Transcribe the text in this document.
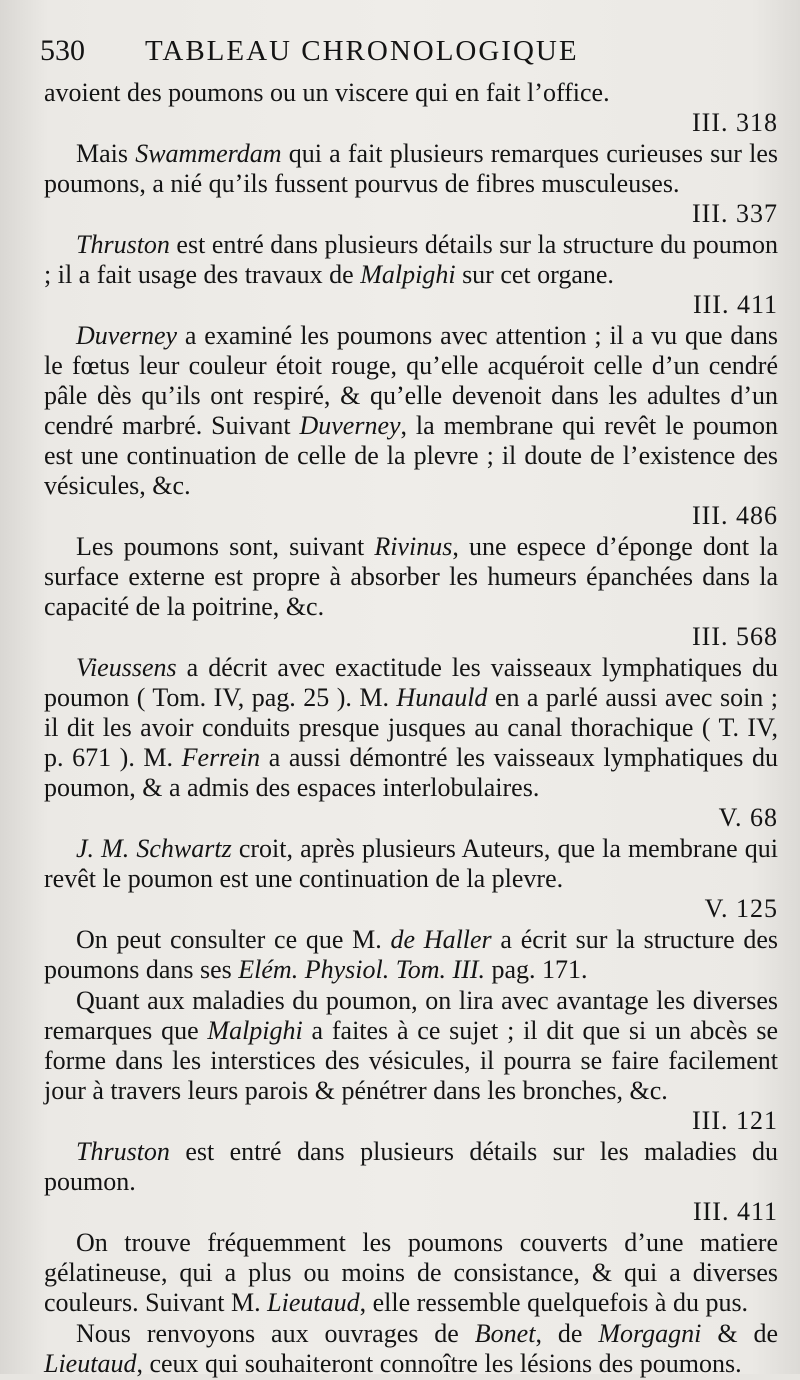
530 TABLEAU CHRONOLOGIQUE

avoient des poumons ou un viscere qui en fait l’office.
III. 318

Mais Swammerdam qui a fait plusieurs remarques curieuses sur les poumons, a nié qu’ils fussent pourvus de fibres musculeuses.
III. 337

Thruston est entré dans plusieurs détails sur la structure du poumon ; il a fait usage des travaux de Malpighi sur cet organe.
III. 411

Duverney a examiné les poumons avec attention ; il a vu que dans le fœtus leur couleur étoit rouge, qu’elle acquéroit celle d’un cendré pâle dès qu’ils ont respiré, & qu’elle devenoit dans les adultes d’un cendré marbré. Suivant Duverney, la membrane qui revêt le poumon est une continuation de celle de la plevre ; il doute de l’existence des vésicules, &c.
III. 486

Les poumons sont, suivant Rivinus, une espece d’éponge dont la surface externe est propre à absorber les humeurs épanchées dans la capacité de la poitrine, &c.
III. 568

Vieussens a décrit avec exactitude les vaisseaux lymphatiques du poumon ( Tom. IV, pag. 25 ). M. Hunauld en a parlé aussi avec soin ; il dit les avoir conduits presque jusques au canal thorachique ( T. IV, p. 671 ). M. Ferrein a aussi démontré les vaisseaux lymphatiques du poumon, & a admis des espaces interlobulaires.
V. 68

J. M. Schwartz croit, après plusieurs Auteurs, que la membrane qui revêt le poumon est une continuation de la plevre.
V. 125

On peut consulter ce que M. de Haller a écrit sur la structure des poumons dans ses Elém. Physiol. Tom. III. pag. 171.

Quant aux maladies du poumon, on lira avec avantage les diverses remarques que Malpighi a faites à ce sujet ; il dit que si un abcès se forme dans les interstices des vésicules, il pourra se faire facilement jour à travers leurs parois & pénétrer dans les bronches, &c.
III. 121

Thruston est entré dans plusieurs détails sur les maladies du poumon.
III. 411

On trouve fréquemment les poumons couverts d’une matiere gélatineuse, qui a plus ou moins de consistance, & qui a diverses couleurs. Suivant M. Lieutaud, elle ressemble quelquefois à du pus.

Nous renvoyons aux ouvrages de Bonet, de Morgagni & de Lieutaud, ceux qui souhaiteront connoître les lésions des poumons.
